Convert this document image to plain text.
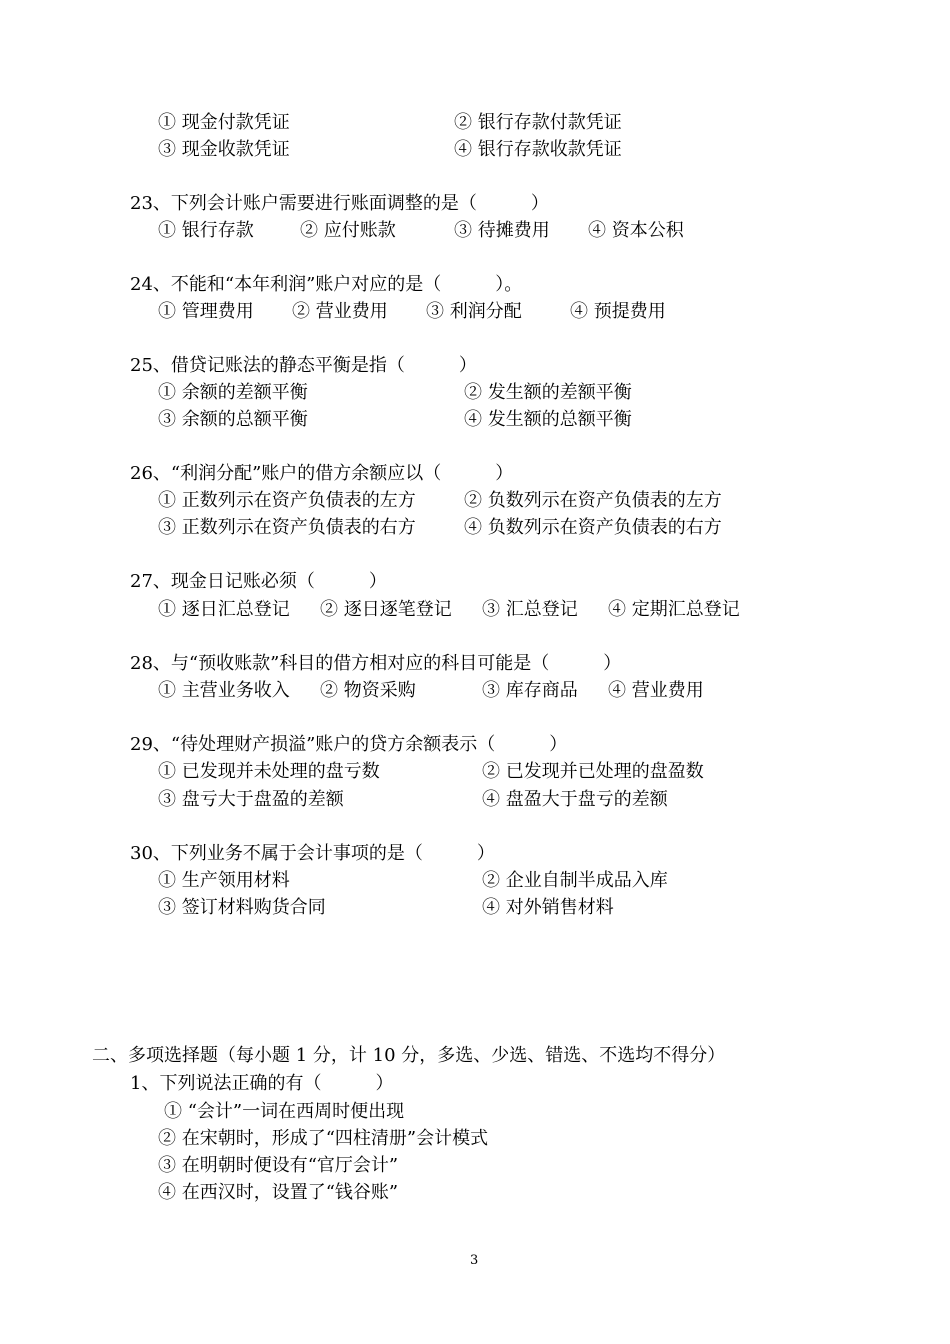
① 现金付款凭证	② 银行存款付款凭证
③ 现金收款凭证	④ 银行存款收款凭证
23、下列会计账户需要进行账面调整的是（　　　）
① 银行存款	② 应付账款	③ 待摊费用 ④ 资本公积
24、不能和“本年利润”账户对应的是（　　　）。
① 管理费用 ② 营业费用 ③ 利润分配	④ 预提费用
25、借贷记账法的静态平衡是指（　　　）
① 余额的差额平衡	② 发生额的差额平衡
③ 余额的总额平衡	④ 发生额的总额平衡
26、“利润分配”账户的借方余额应以（　　　）
① 正数列示在资产负债表的左方	② 负数列示在资产负债表的左方
③ 正数列示在资产负债表的右方	④ 负数列示在资产负债表的右方
27、现金日记账必须（　　　）
① 逐日汇总登记 ② 逐日逐笔登记 ③ 汇总登记 ④ 定期汇总登记
28、与“预收账款”科目的借方相对应的科目可能是（　　　）
① 主营业务收入 ② 物资采购	③ 库存商品 ④ 营业费用
29、“待处理财产损溢”账户的贷方余额表示（　　　）
① 已发现并未处理的盘亏数	② 已发现并已处理的盘盈数
③ 盘亏大于盘盈的差额	④ 盘盈大于盘亏的差额
30、下列业务不属于会计事项的是（　　　）
① 生产领用材料	② 企业自制半成品入库
③ 签订材料购货合同	④ 对外销售材料
二、多项选择题（每小题 1 分，计 10 分，多选、少选、错选、不选均不得分）
1、下列说法正确的有（　　　）
① “会计”一词在西周时便出现
② 在宋朝时，形成了“四柱清册”会计模式
③ 在明朝时便设有“官厅会计”
④ 在西汉时，设置了“钱谷账”
3
